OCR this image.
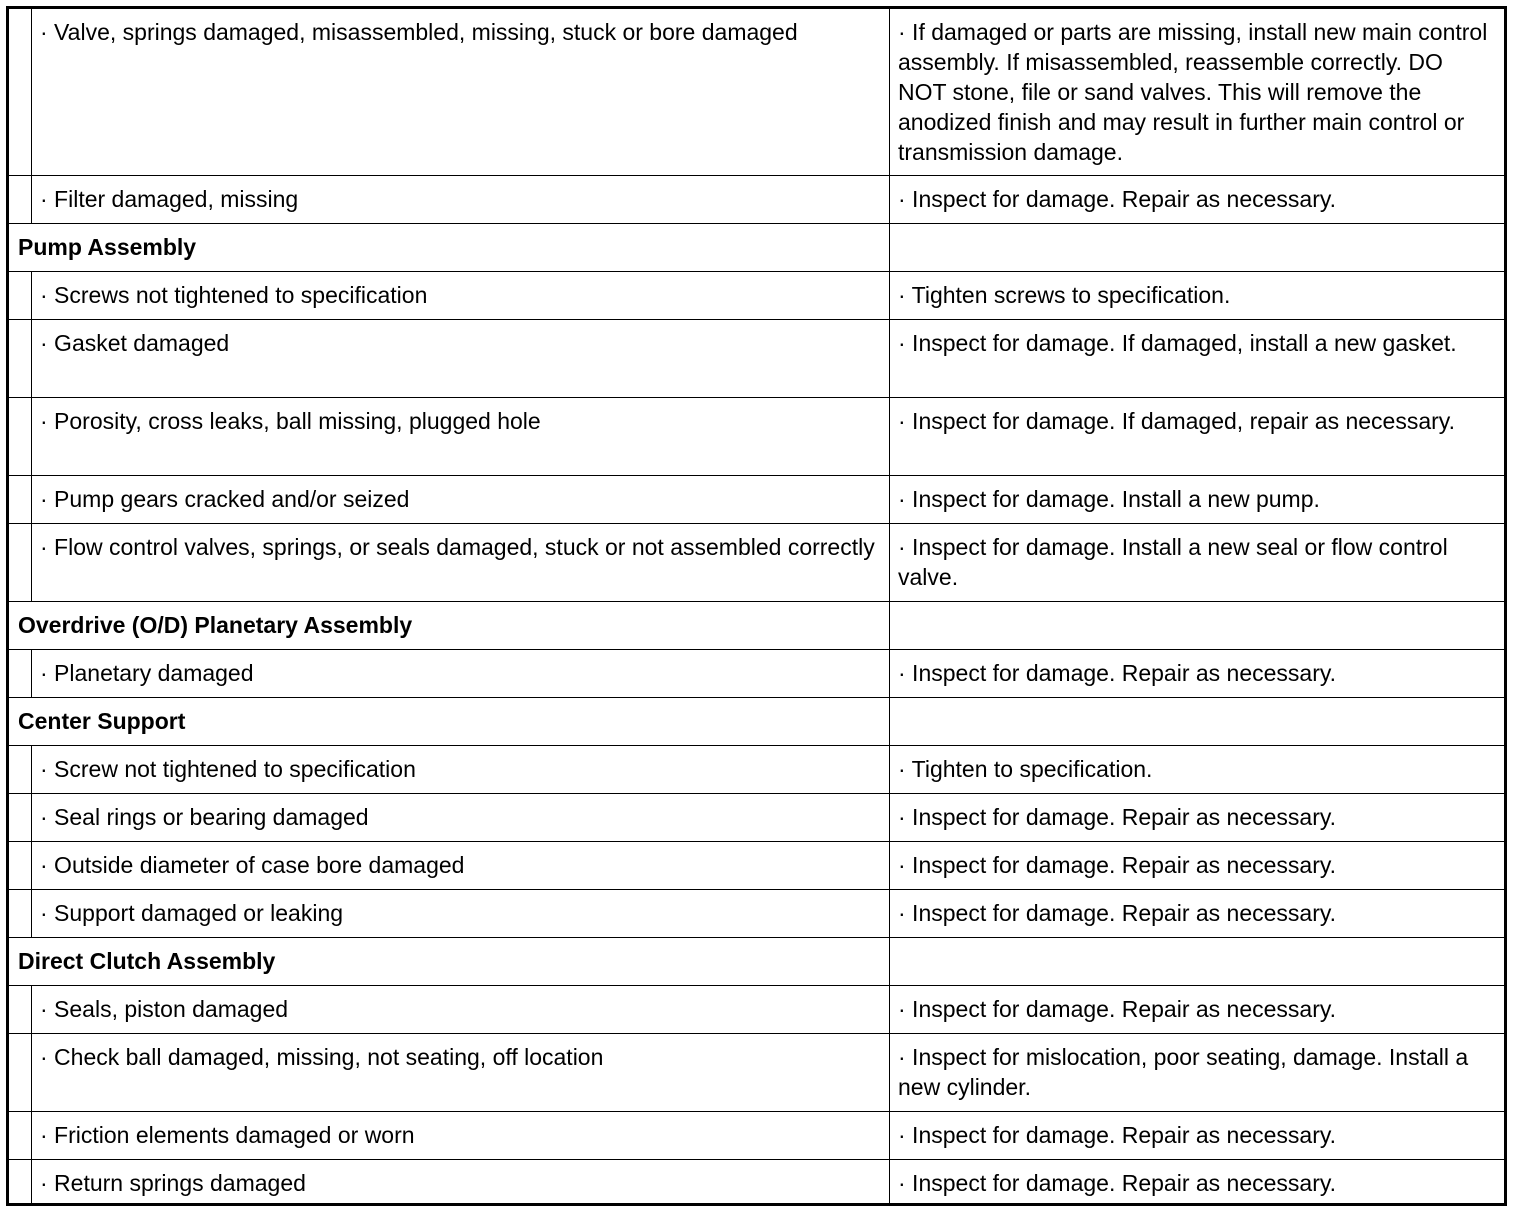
	· Valve, springs damaged, misassembled, missing, stuck or bore damaged	· If damaged or parts are missing, install new main control assembly. If misassembled, reassemble correctly. DO NOT stone, file or sand valves. This will remove the anodized finish and may result in further main control or transmission damage.
	· Filter damaged, missing	· Inspect for damage. Repair as necessary.
Pump Assembly		
	· Screws not tightened to specification	· Tighten screws to specification.
	· Gasket damaged	· Inspect for damage. If damaged, install a new gasket.
	· Porosity, cross leaks, ball missing, plugged hole	· Inspect for damage. If damaged, repair as necessary.
	· Pump gears cracked and/or seized	· Inspect for damage. Install a new pump.
	· Flow control valves, springs, or seals damaged, stuck or not assembled correctly	· Inspect for damage. Install a new seal or flow control valve.
Overdrive (O/D) Planetary Assembly		
	· Planetary damaged	· Inspect for damage. Repair as necessary.
Center Support		
	· Screw not tightened to specification	· Tighten to specification.
	· Seal rings or bearing damaged	· Inspect for damage. Repair as necessary.
	· Outside diameter of case bore damaged	· Inspect for damage. Repair as necessary.
	· Support damaged or leaking	· Inspect for damage. Repair as necessary.
Direct Clutch Assembly		
	· Seals, piston damaged	· Inspect for damage. Repair as necessary.
	· Check ball damaged, missing, not seating, off location	· Inspect for mislocation, poor seating, damage. Install a new cylinder.
	· Friction elements damaged or worn	· Inspect for damage. Repair as necessary.
	· Return springs damaged	· Inspect for damage. Repair as necessary.
